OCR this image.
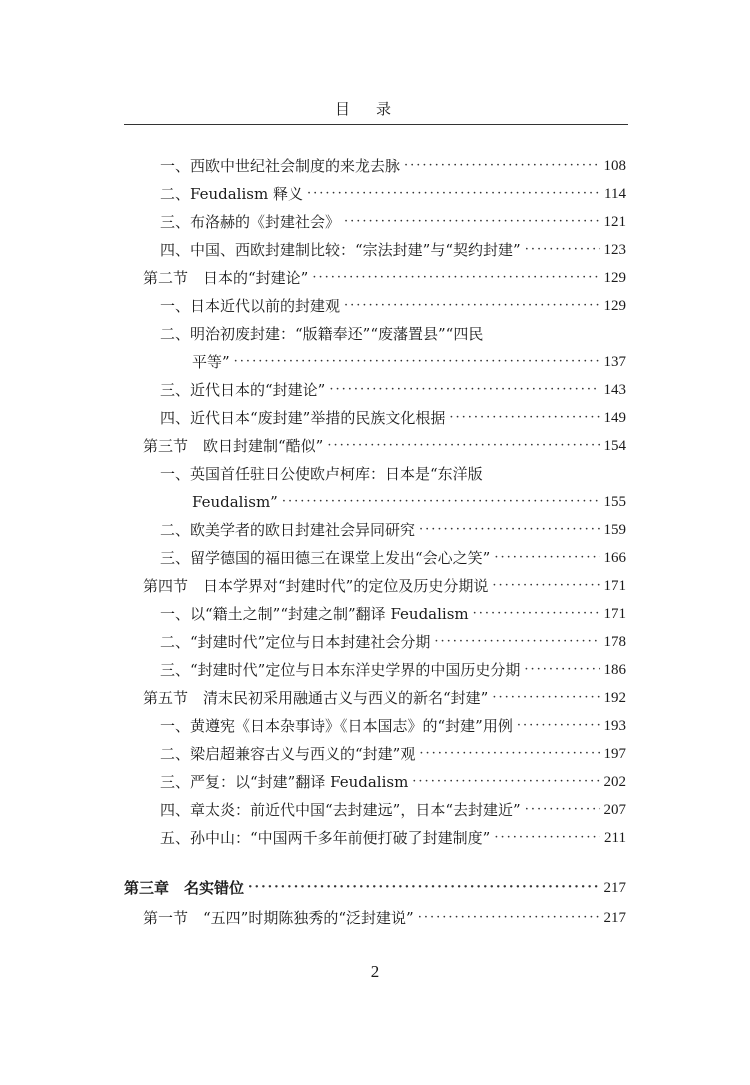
目录
一、西欧中世纪社会制度的来龙去脉 ·····	108
二、Feudalism 释义 ·····	114
三、布洛赫的《封建社会》 ·····	121
四、中国、西欧封建制比较：“宗法封建”与“契约封建” ·····	123
第二节　日本的“封建论” ·····	129
一、日本近代以前的封建观 ·····	129
二、明治初废封建：“版籍奉还”“废藩置县”“四民
平等” ·····	137
三、近代日本的“封建论” ·····	143
四、近代日本“废封建”举措的民族文化根据 ·····	149
第三节　欧日封建制“酷似” ·····	154
一、英国首任驻日公使欧卢柯库：日本是“东洋版
Feudalism” ·····	155
二、欧美学者的欧日封建社会异同研究 ·····	159
三、留学德国的福田德三在课堂上发出“会心之笑” ·····	166
第四节　日本学界对“封建时代”的定位及历史分期说 ·····	171
一、以“籍土之制”“封建之制”翻译 Feudalism ·····	171
二、“封建时代”定位与日本封建社会分期 ·····	178
三、“封建时代”定位与日本东洋史学界的中国历史分期 ·····	186
第五节　清末民初采用融通古义与西义的新名“封建” ·····	192
一、黄遵宪《日本杂事诗》《日本国志》的“封建”用例 ·····	193
二、梁启超兼容古义与西义的“封建”观 ·····	197
三、严复：以“封建”翻译 Feudalism ·····	202
四、章太炎：前近代中国“去封建远”，日本“去封建近” ·····	207
五、孙中山：“中国两千多年前便打破了封建制度” ·····	211
第三章　名实错位 ·····	217
第一节　“五四”时期陈独秀的“泛封建说” ·····	217
2
